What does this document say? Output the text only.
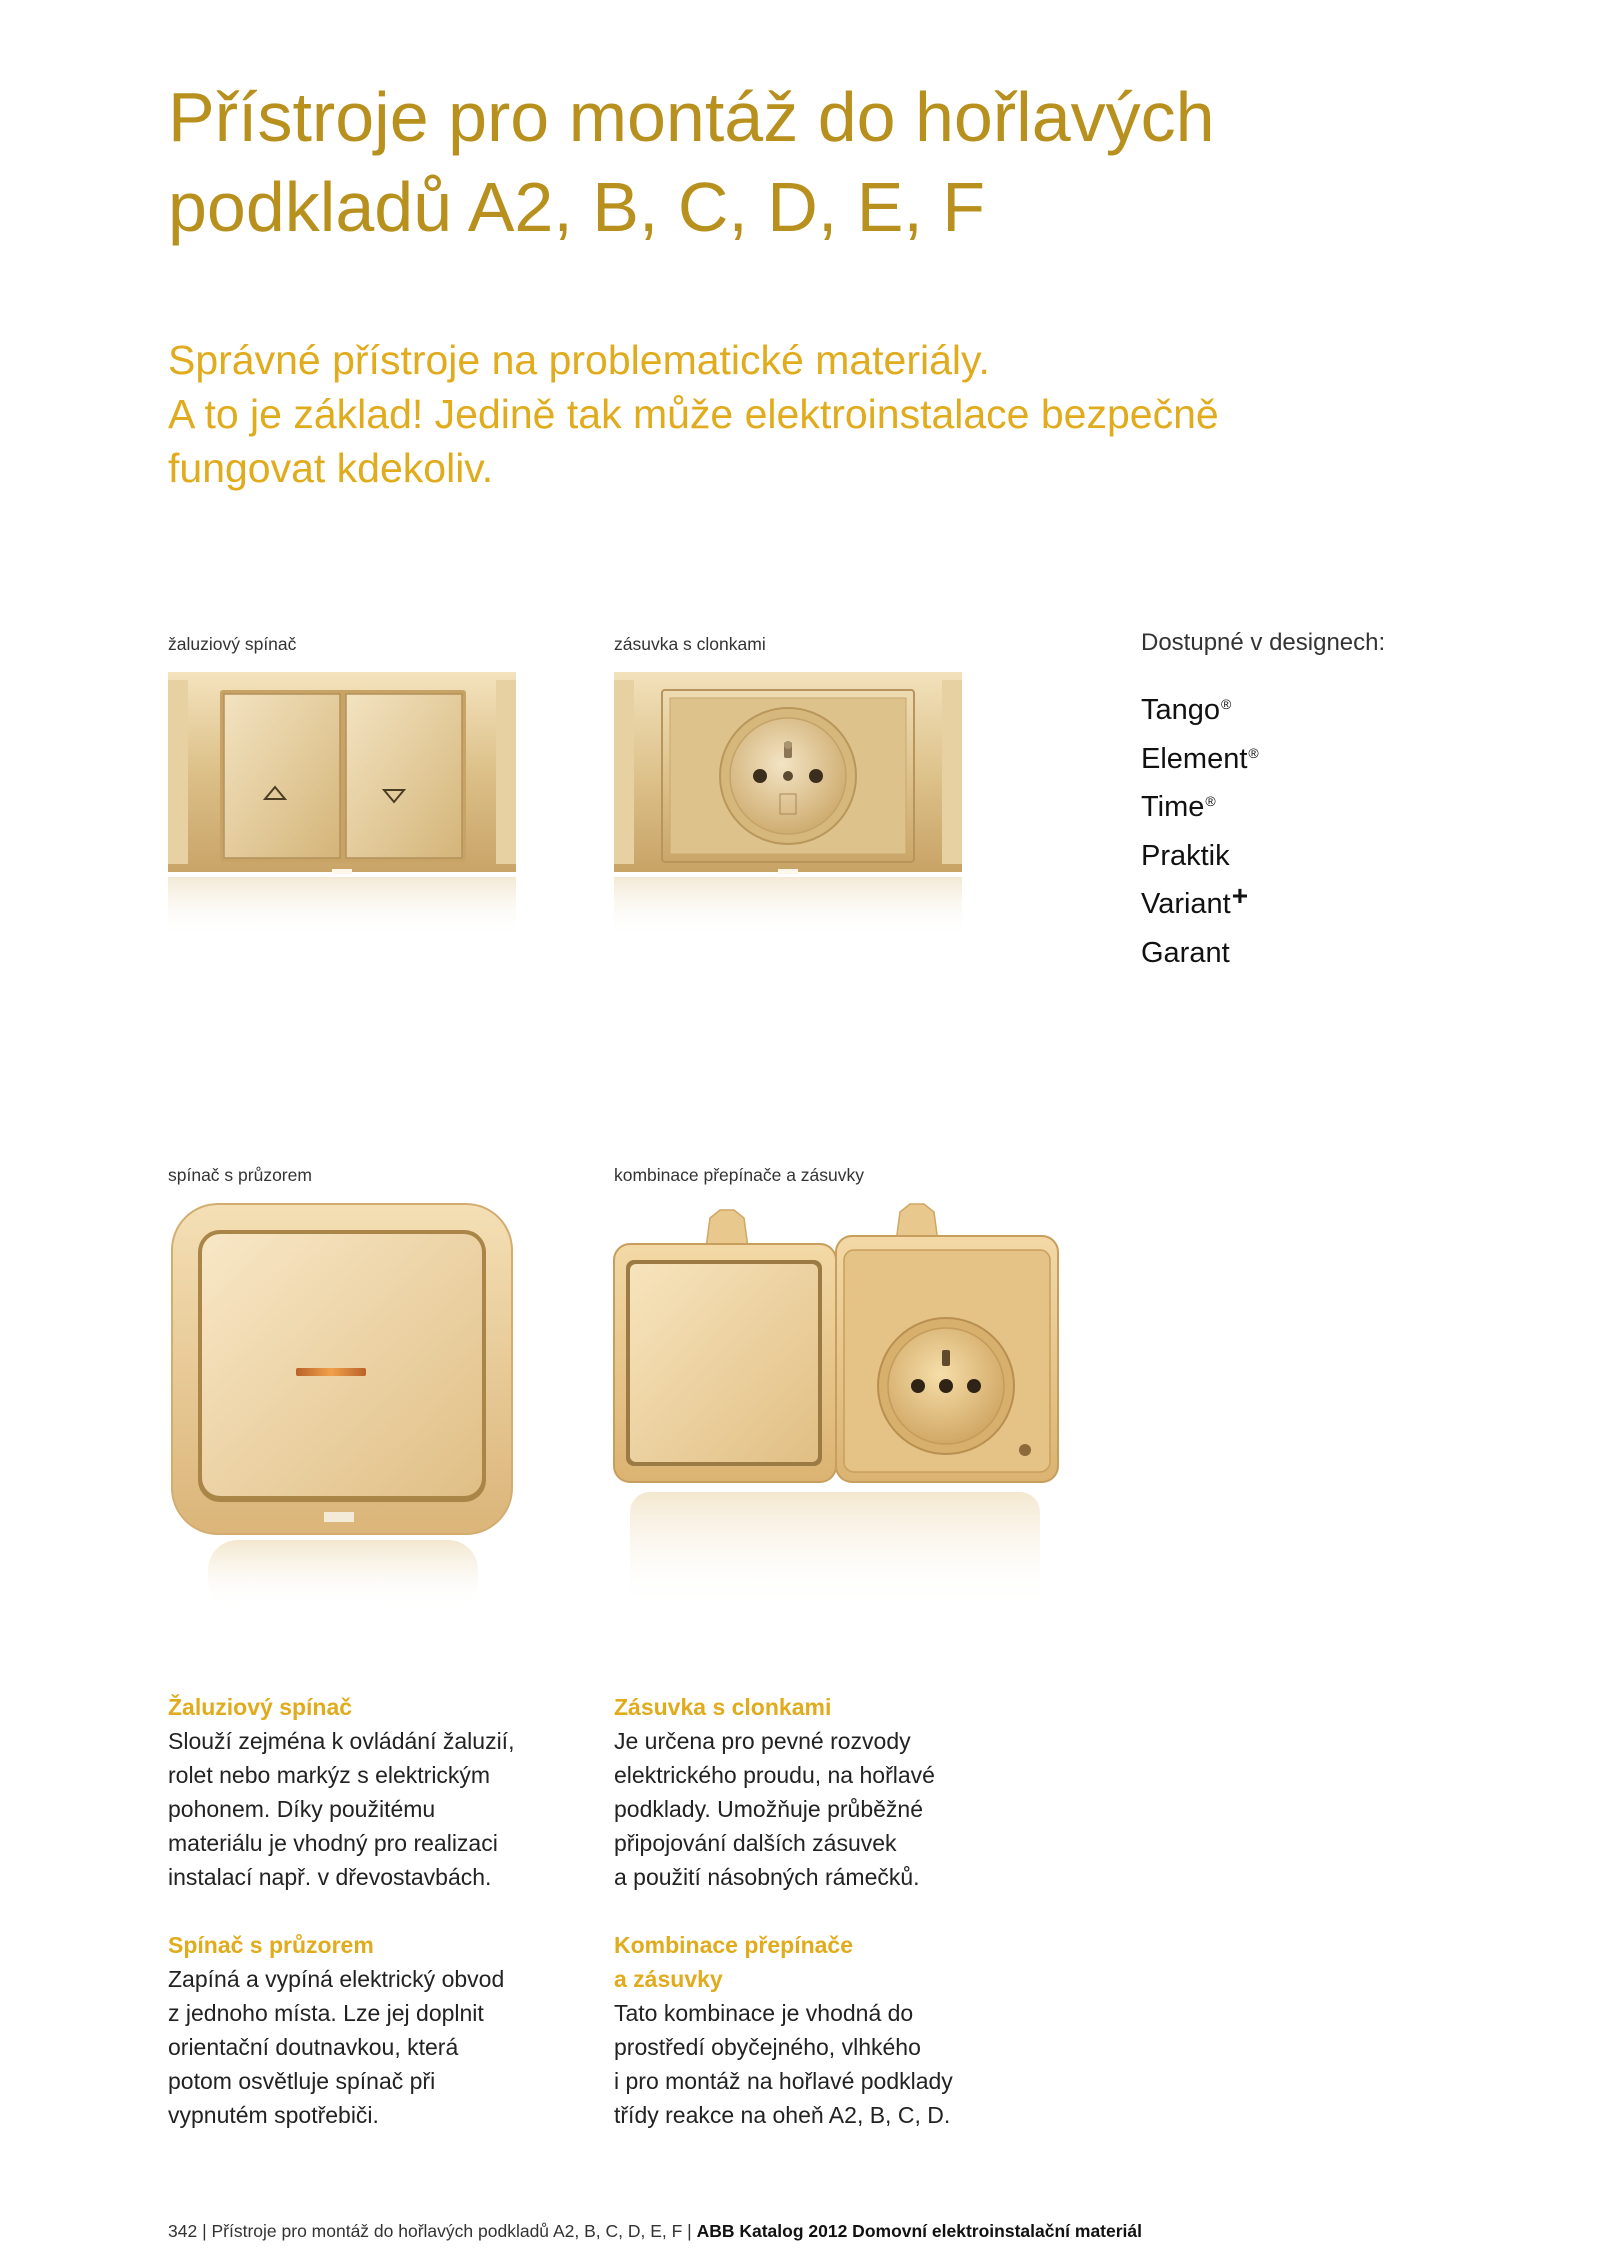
Přístroje pro montáž do hořlavých
podkladů A2, B, C, D, E, F
Správné přístroje na problematické materiály.
A to je základ! Jedině tak může elektroinstalace bezpečně
fungovat kdekoliv.
žaluziový spínač	zásuvka s clonkami
spínač s průzorem	kombinace přepínače a zásuvky
Dostupné v designech:
Tango®
Element®
Time®
Praktik
Variant+
Garant
Žaluziový spínač
Slouží zejména k ovládání žaluzií,
rolet nebo markýz s elektrickým
pohonem. Díky použitému
materiálu je vhodný pro realizaci
instalací např. v dřevostavbách.
Zásuvka s clonkami
Je určena pro pevné rozvody
elektrického proudu, na hořlavé
podklady. Umožňuje průběžné
připojování dalších zásuvek
a použití násobných rámečků.
Spínač s průzorem
Zapíná a vypíná elektrický obvod
z jednoho místa. Lze jej doplnit
orientační doutnavkou, která
potom osvětluje spínač při
vypnutém spotřebiči.
Kombinace přepínače
a zásuvky
Tato kombinace je vhodná do
prostředí obyčejného, vlhkého
i pro montáž na hořlavé podklady
třídy reakce na oheň A2, B, C, D.
342 | Přístroje pro montáž do hořlavých podkladů A2, B, C, D, E, F | ABB Katalog 2012 Domovní elektroinstalační materiál
